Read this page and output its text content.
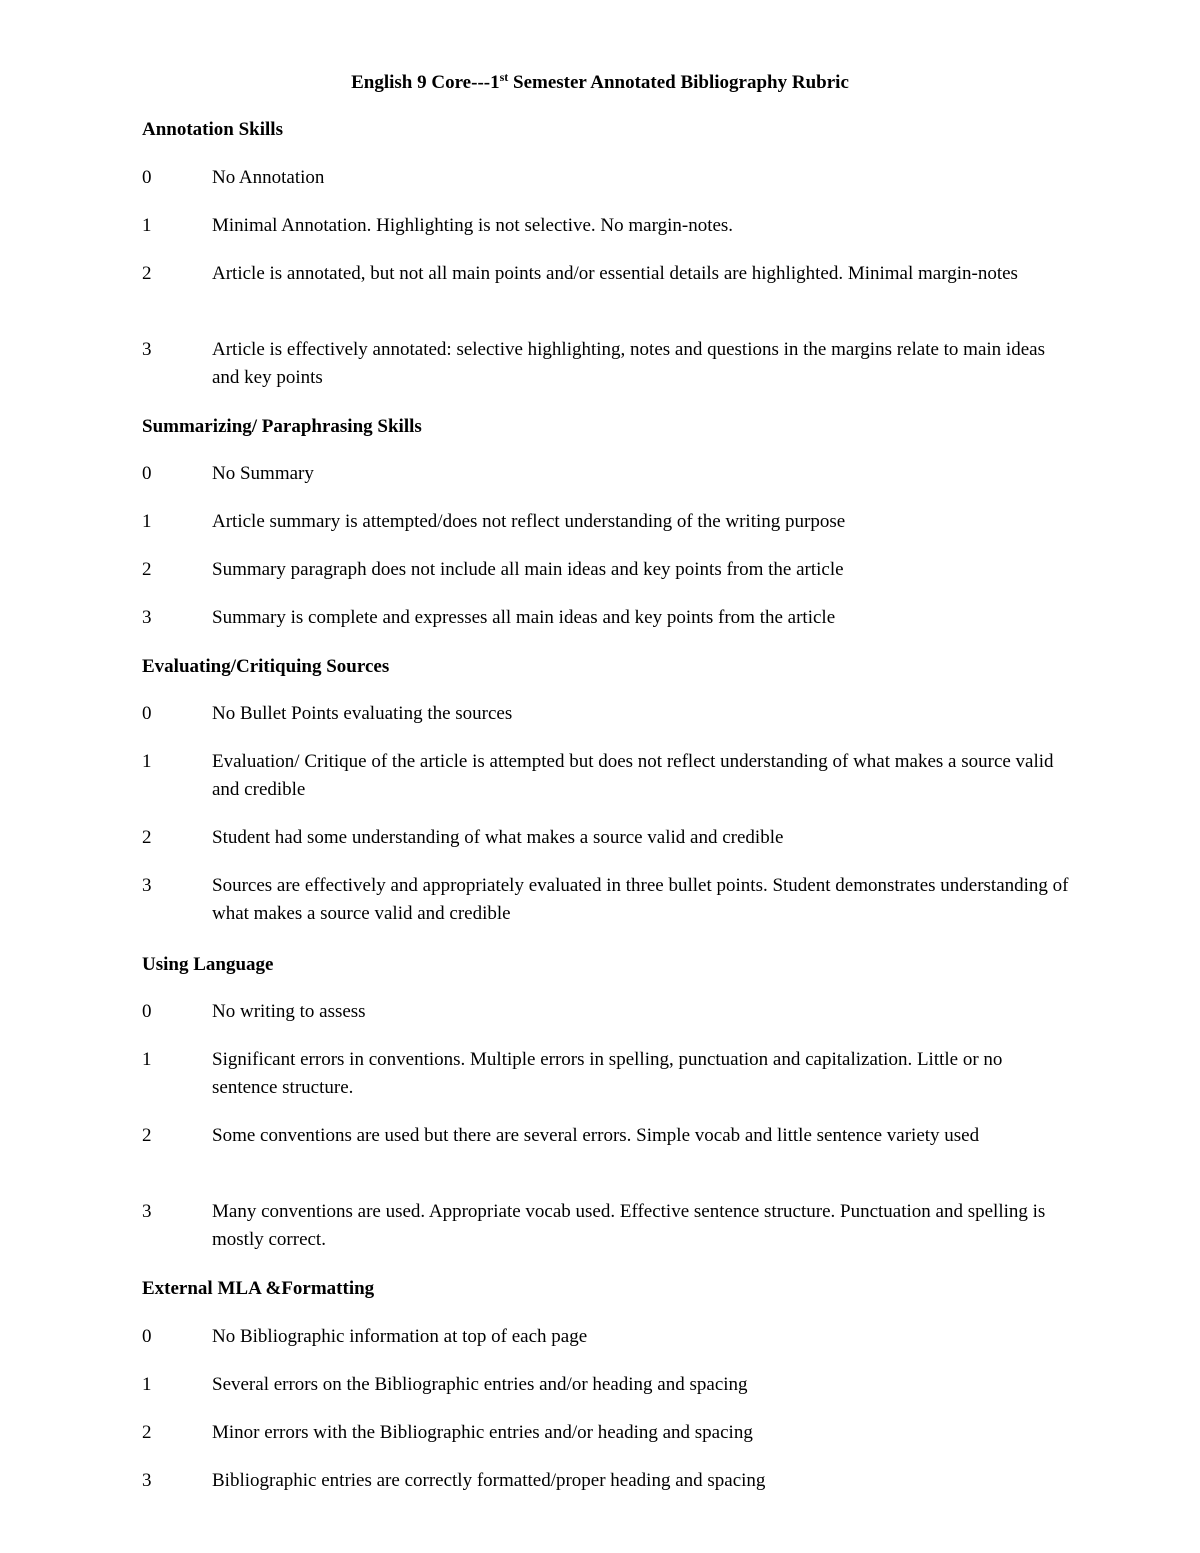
English 9 Core---1st Semester Annotated Bibliography Rubric
Annotation Skills
0	No Annotation
1	Minimal Annotation. Highlighting is not selective. No margin-notes.
2	Article is annotated, but not all main points and/or essential details are highlighted. Minimal margin-notes
3	Article is effectively annotated: selective highlighting, notes and questions in the margins relate to main ideas and key points
Summarizing/ Paraphrasing Skills
0	No Summary
1	Article summary is attempted/does not reflect understanding of the writing purpose
2	Summary paragraph does not include all main ideas and key points from the article
3	Summary is complete and expresses all main ideas and key points from the article
Evaluating/Critiquing Sources
0	No Bullet Points evaluating the sources
1	Evaluation/ Critique of the article is attempted but does not reflect understanding of what makes a source valid and credible
2	Student had some understanding of what makes a source valid and credible
3	Sources are effectively and appropriately evaluated in three bullet points. Student demonstrates understanding of what makes a source valid and credible
Using Language
0	No writing to assess
1	Significant errors in conventions. Multiple errors in spelling, punctuation and capitalization. Little or no sentence structure.
2	Some conventions are used but there are several errors. Simple vocab and little sentence variety used
3	Many conventions are used. Appropriate vocab used. Effective sentence structure. Punctuation and spelling is mostly correct.
External MLA &Formatting
0	No Bibliographic information at top of each page
1	Several errors on the Bibliographic entries and/or heading and spacing
2	Minor errors with the Bibliographic entries and/or heading and spacing
3	Bibliographic entries are correctly formatted/proper heading and spacing
